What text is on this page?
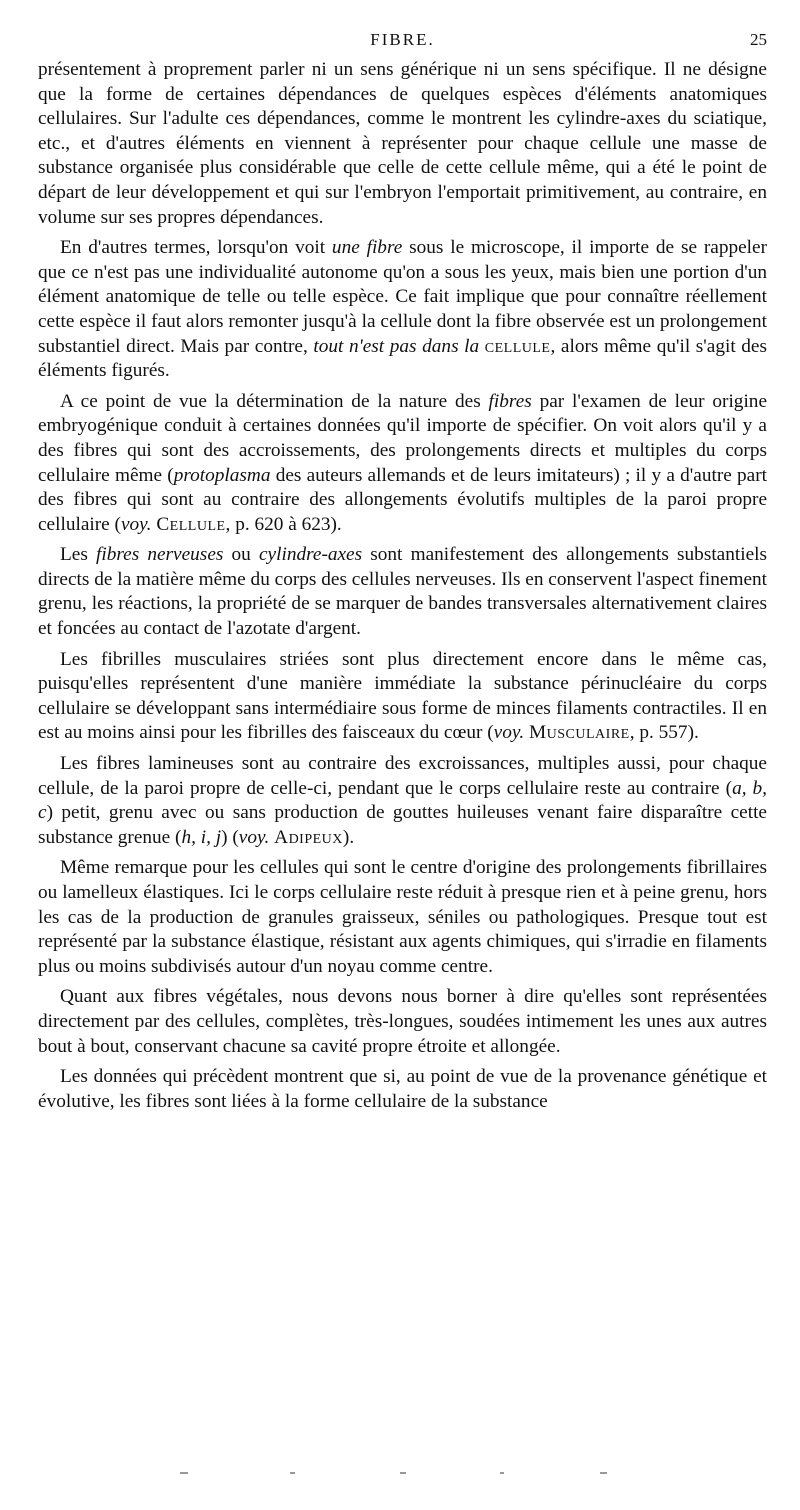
FIBRE.	25

présentement à proprement parler ni un sens générique ni un sens spécifique. Il ne désigne que la forme de certaines dépendances de quelques espèces d'éléments anatomiques cellulaires. Sur l'adulte ces dépendances, comme le montrent les cylindre-axes du sciatique, etc., et d'autres éléments en viennent à représenter pour chaque cellule une masse de substance organisée plus considérable que celle de cette cellule même, qui a été le point de départ de leur développement et qui sur l'embryon l'emportait primitivement, au contraire, en volume sur ses propres dépendances.

En d'autres termes, lorsqu'on voit une fibre sous le microscope, il importe de se rappeler que ce n'est pas une individualité autonome qu'on a sous les yeux, mais bien une portion d'un élément anatomique de telle ou telle espèce. Ce fait implique que pour connaître réellement cette espèce il faut alors remonter jusqu'à la cellule dont la fibre observée est un prolongement substantiel direct. Mais par contre, tout n'est pas dans la cellule, alors même qu'il s'agit des éléments figurés.

A ce point de vue la détermination de la nature des fibres par l'examen de leur origine embryogénique conduit à certaines données qu'il importe de spécifier. On voit alors qu'il y a des fibres qui sont des accroissements, des prolongements directs et multiples du corps cellulaire même (protoplasma des auteurs allemands et de leurs imitateurs) ; il y a d'autre part des fibres qui sont au contraire des allongements évolutifs multiples de la paroi propre cellulaire (voy. Cellule, p. 620 à 623).

Les fibres nerveuses ou cylindre-axes sont manifestement des allongements substantiels directs de la matière même du corps des cellules nerveuses. Ils en conservent l'aspect finement grenu, les réactions, la propriété de se marquer de bandes transversales alternativement claires et foncées au contact de l'azotate d'argent.

Les fibrilles musculaires striées sont plus directement encore dans le même cas, puisqu'elles représentent d'une manière immédiate la substance périnucléaire du corps cellulaire se développant sans intermédiaire sous forme de minces filaments contractiles. Il en est au moins ainsi pour les fibrilles des faisceaux du cœur (voy. Musculaire, p. 557).

Les fibres lamineuses sont au contraire des excroissances, multiples aussi, pour chaque cellule, de la paroi propre de celle-ci, pendant que le corps cellulaire reste au contraire (a, b, c) petit, grenu avec ou sans production de gouttes huileuses venant faire disparaître cette substance grenue (h, i, j) (voy. Adipeux).

Même remarque pour les cellules qui sont le centre d'origine des prolongements fibrillaires ou lamelleux élastiques. Ici le corps cellulaire reste réduit à presque rien et à peine grenu, hors les cas de la production de granules graisseux, séniles ou pathologiques. Presque tout est représenté par la substance élastique, résistant aux agents chimiques, qui s'irradie en filaments plus ou moins subdivisés autour d'un noyau comme centre.

Quant aux fibres végétales, nous devons nous borner à dire qu'elles sont représentées directement par des cellules, complètes, très-longues, soudées intimement les unes aux autres bout à bout, conservant chacune sa cavité propre étroite et allongée.

Les données qui précèdent montrent que si, au point de vue de la provenance génétique et évolutive, les fibres sont liées à la forme cellulaire de la substance
